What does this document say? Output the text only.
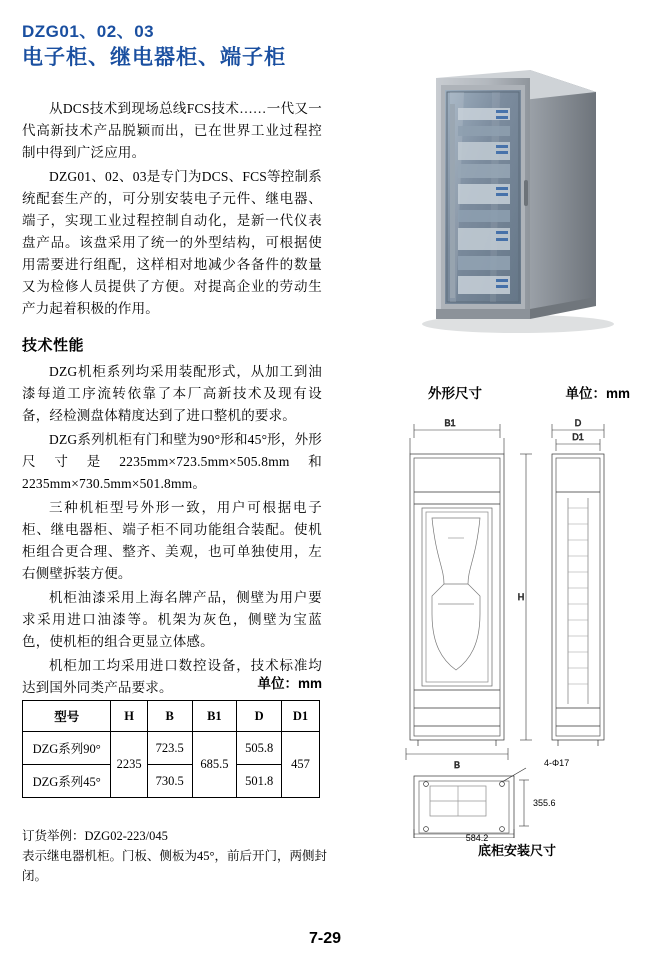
DZG01、02、03
电子柜、继电器柜、端子柜

从DCS技术到现场总线FCS技术……一代又一代高新技术产品脱颖而出，已在世界工业过程控制中得到广泛应用。

DZG01、02、03是专门为DCS、FCS等控制系统配套生产的，可分别安装电子元件、继电器、端子，实现工业过程控制自动化，是新一代仪表盘产品。该盘采用了统一的外型结构，可根据使用需要进行组配，这样相对地减少各备件的数量又为检修人员提供了方便。对提高企业的劳动生产力起着积极的作用。

技术性能

DZG机柜系列均采用装配形式，从加工到油漆每道工序流转依靠了本厂高新技术及现有设备，经检测盘体精度达到了进口整机的要求。

DZG系列机柜有门和壁为90°形和45°形，外形尺寸是2235mm×723.5mm×505.8mm和2235mm×730.5mm×501.8mm。

三种机柜型号外形一致，用户可根据电子柜、继电器柜、端子柜不同功能组合装配。使机柜组合更合理、整齐、美观，也可单独使用，左右侧壁拆装方便。

机柜油漆采用上海名牌产品，侧壁为用户要求采用进口油漆等。机架为灰色，侧壁为宝蓝色，使机柜的组合更显立体感。

机柜加工均采用进口数控设备，技术标准均达到国外同类产品要求。	单位：mm
型号	H	B	B1	D	D1
DZG系列90°	2235	723.5	685.5	505.8	457
DZG系列45°		730.5		501.8	
订货举例：DZG02-223/045
表示继电器机柜。门板、侧板为45°，前后开门，两侧封闭。
外形尺寸	单位：mm
B1
B
D
D1
H
4-Φ17
355.6
584.2
底柜安装尺寸
7-29
